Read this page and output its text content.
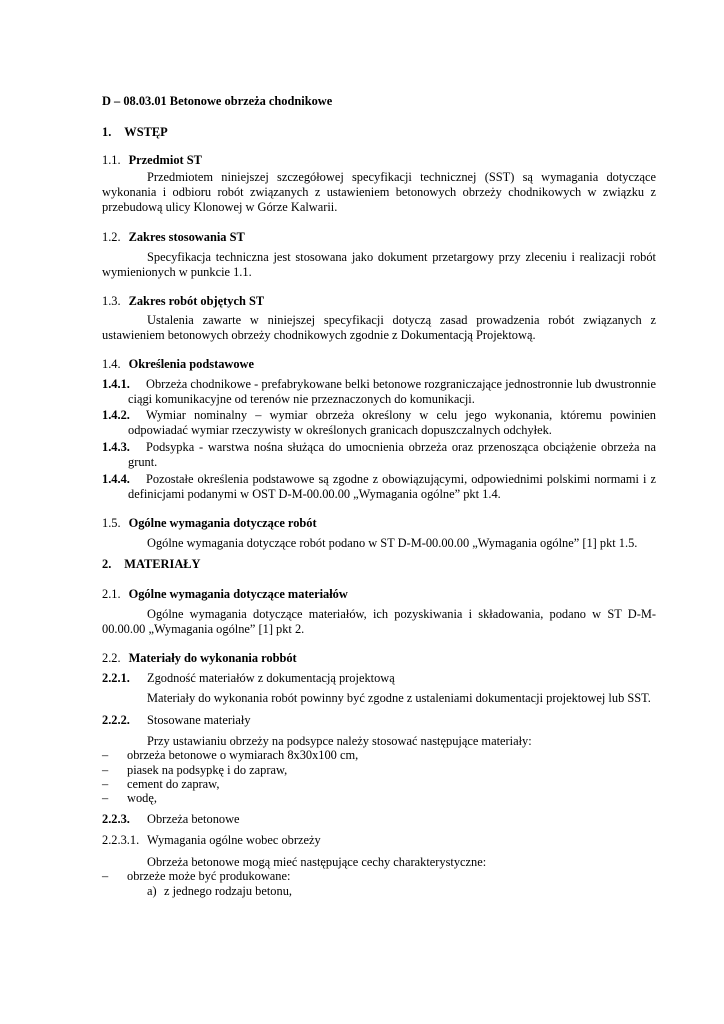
D – 08.03.01 Betonowe obrzeża chodnikowe
1. WSTĘP
1.1. Przedmiot ST
Przedmiotem niniejszej szczegółowej specyfikacji technicznej (SST) są wymagania dotyczące wykonania i odbioru robót związanych z ustawieniem betonowych obrzeży chodnikowych w związku z przebudową ulicy Klonowej w Górze Kalwarii.
1.2. Zakres stosowania ST
Specyfikacja techniczna jest stosowana jako dokument przetargowy przy zleceniu i realizacji robót wymienionych w punkcie 1.1.
1.3. Zakres robót objętych ST
Ustalenia zawarte w niniejszej specyfikacji dotyczą zasad prowadzenia robót związanych z ustawieniem betonowych obrzeży chodnikowych zgodnie z Dokumentacją Projektową.
1.4. Określenia podstawowe
1.4.1. Obrzeża chodnikowe - prefabrykowane belki betonowe rozgraniczające jednostronnie lub dwustronnie ciągi komunikacyjne od terenów nie przeznaczonych do komunikacji.
1.4.2. Wymiar nominalny – wymiar obrzeża określony w celu jego wykonania, któremu powinien odpowiadać wymiar rzeczywisty w określonych granicach dopuszczalnych odchyłek.
1.4.3. Podsypka - warstwa nośna służąca do umocnienia obrzeża oraz przenosząca obciążenie obrzeża na grunt.
1.4.4. Pozostałe określenia podstawowe są zgodne z obowiązującymi, odpowiednimi polskimi normami i z definicjami podanymi w OST D-M-00.00.00 „Wymagania ogólne” pkt 1.4.
1.5. Ogólne wymagania dotyczące robót
Ogólne wymagania dotyczące robót podano w ST D-M-00.00.00 „Wymagania ogólne” [1] pkt 1.5.
2. MATERIAŁY
2.1. Ogólne wymagania dotyczące materiałów
Ogólne wymagania dotyczące materiałów, ich pozyskiwania i składowania, podano w ST D-M-00.00.00 „Wymagania ogólne” [1] pkt 2.
2.2. Materiały do wykonania robbót
2.2.1. Zgodność materiałów z dokumentacją projektową
Materiały do wykonania robót powinny być zgodne z ustaleniami dokumentacji projektowej lub SST.
2.2.2. Stosowane materiały
Przy ustawianiu obrzeży na podsypce należy stosować następujące materiały:
– obrzeża betonowe o wymiarach 8x30x100 cm,
– piasek na podsypkę i do zapraw,
– cement do zapraw,
– wodę,
2.2.3. Obrzeża betonowe
2.2.3.1. Wymagania ogólne wobec obrzeży
Obrzeża betonowe mogą mieć następujące cechy charakterystyczne:
– obrzeże może być produkowane:
a) z jednego rodzaju betonu,
